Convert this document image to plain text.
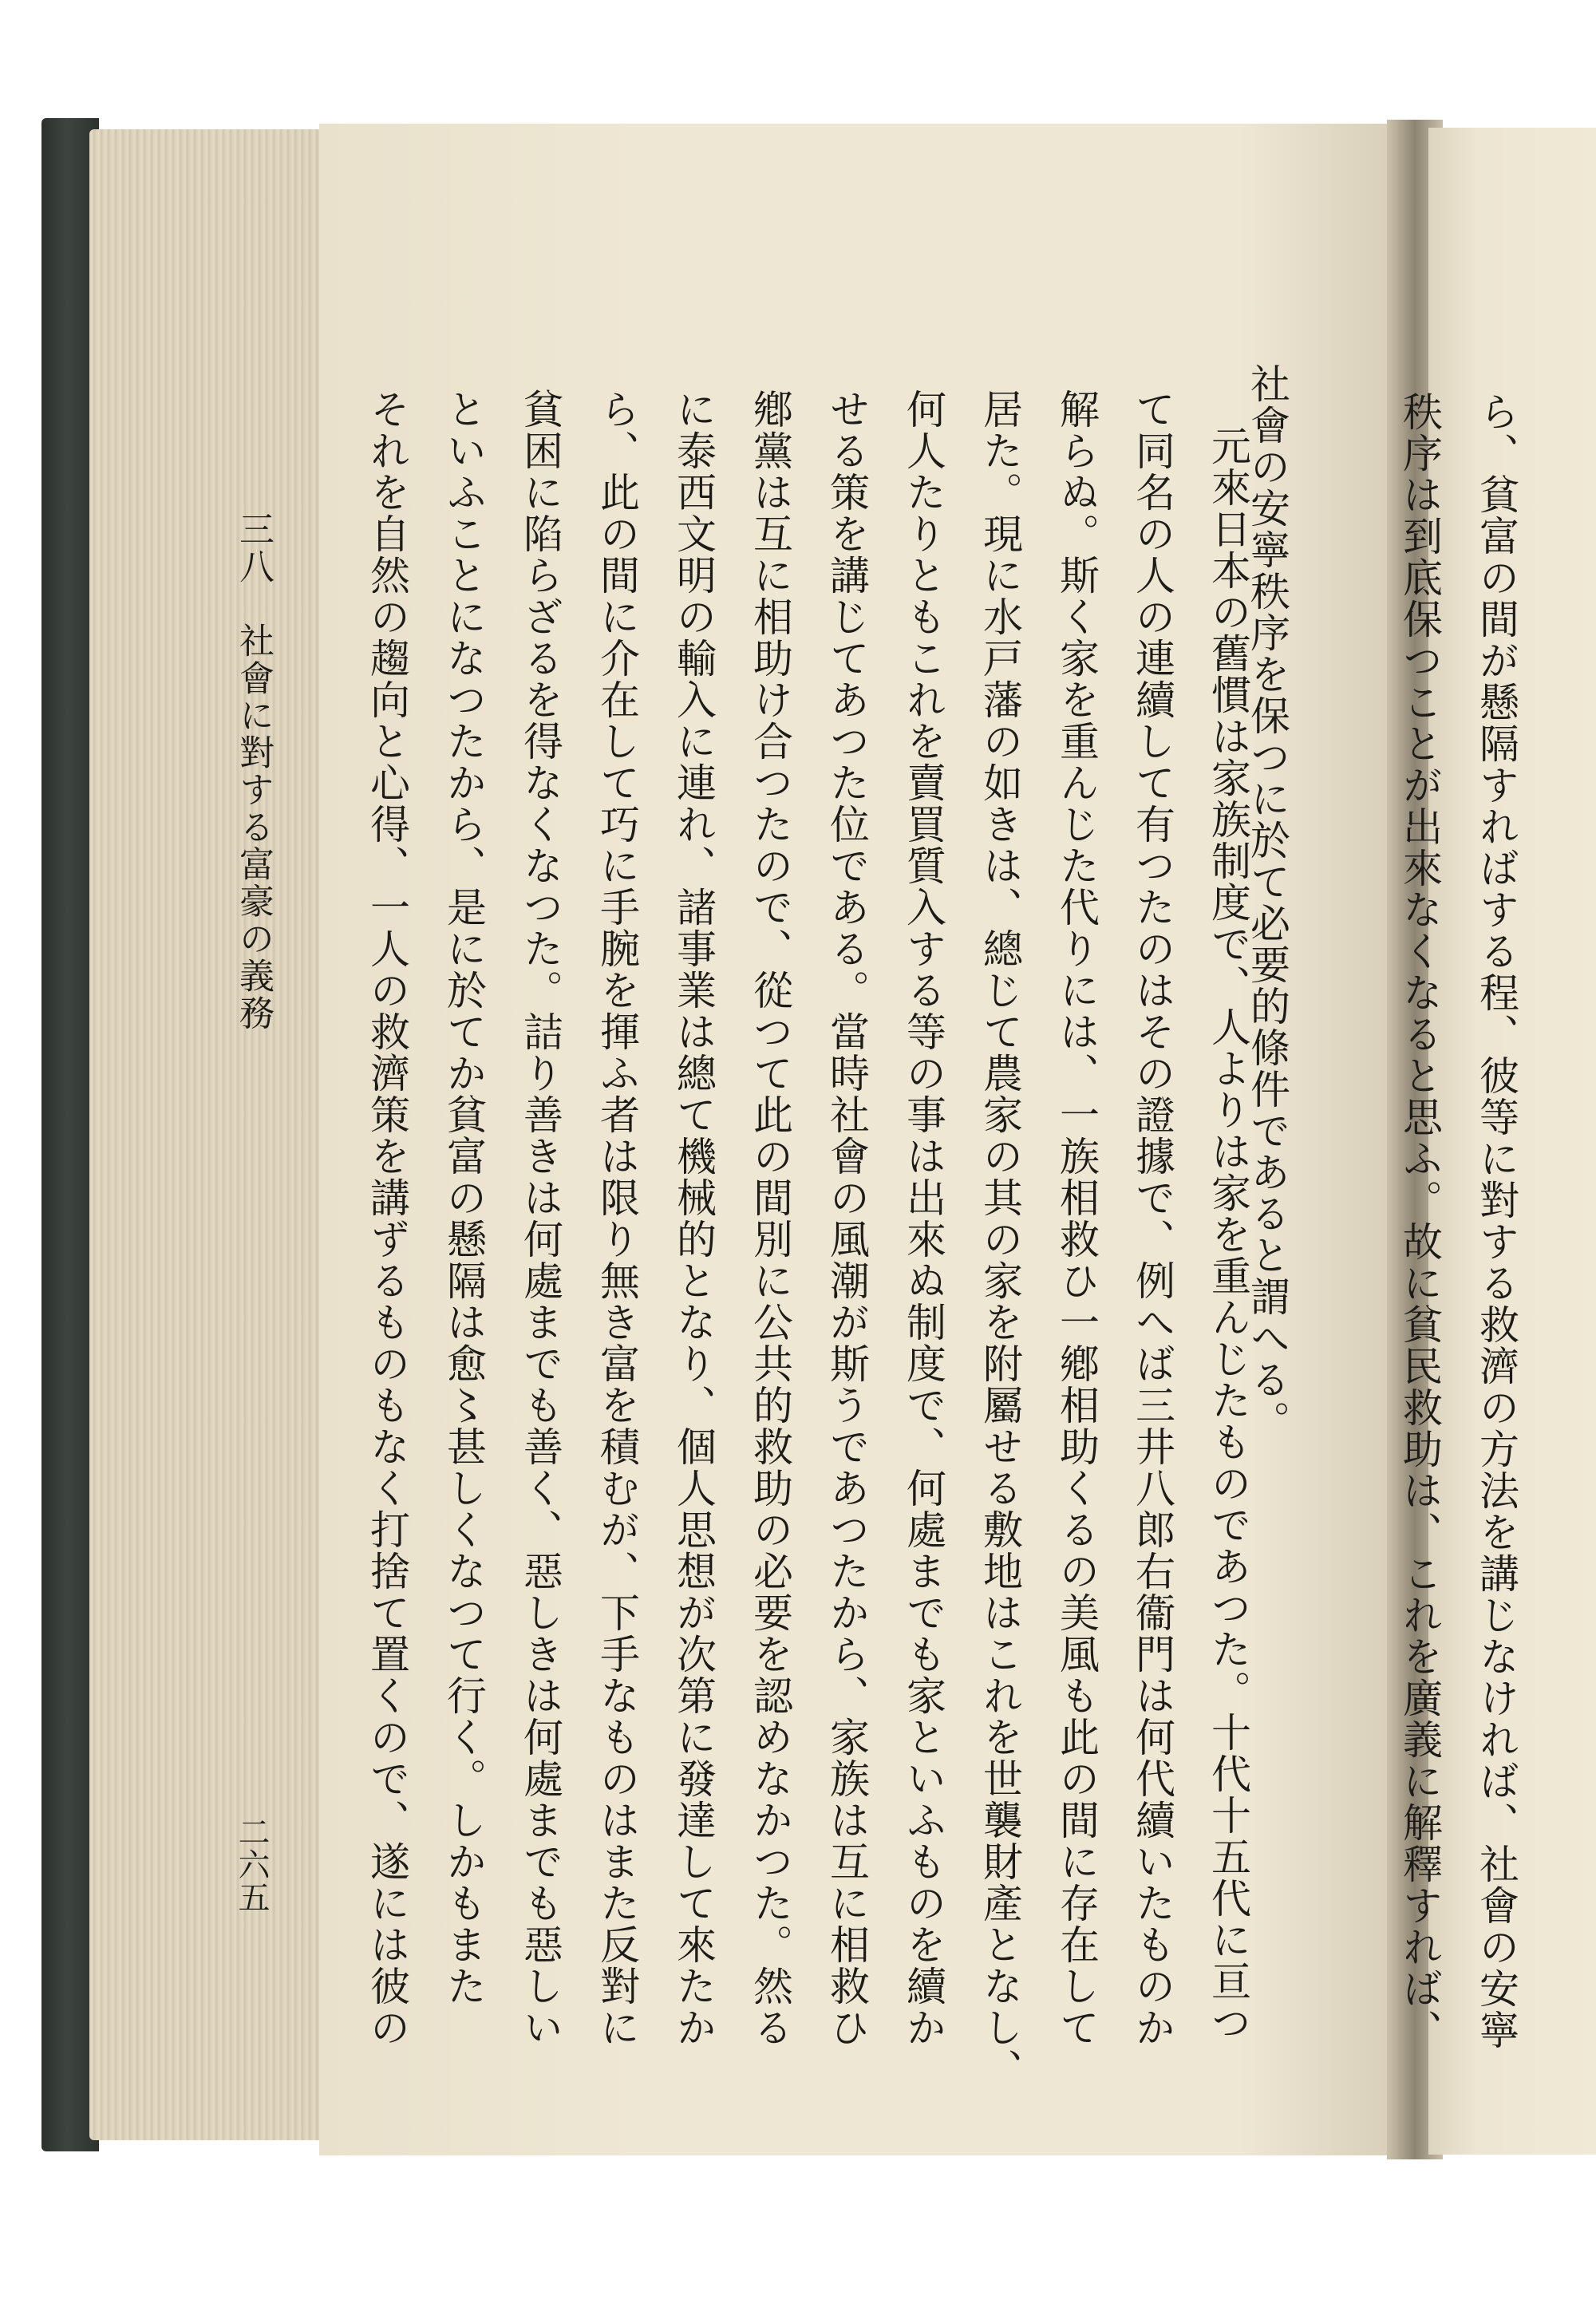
社會の安寧秩序を保つに於て必要的條件であると謂へる。
元來日本の舊慣は家族制度で、人よりは家を重んじたものであつた。十代十五代に亘つ
て同名の人の連續して有つたのはその證據で、例へば三井八郎右衞門は何代續いたものか
解らぬ。斯く家を重んじた代りには、一族相救ひ一鄕相助くるの美風も此の間に存在して
居た。現に水戸藩の如きは、總じて農家の其の家を附屬せる敷地はこれを世襲財產となし、
何人たりともこれを賣買質入する等の事は出來ぬ制度で、何處までも家といふものを續か
せる策を講じてあつた位である。當時社會の風潮が斯うであつたから、家族は互に相救ひ
鄕黨は互に相助け合つたので、從つて此の間別に公共的救助の必要を認めなかつた。然る
に泰西文明の輸入に連れ、諸事業は總て機械的となり、個人思想が次第に發達して來たか
ら、此の間に介在して巧に手腕を揮ふ者は限り無き富を積むが、下手なものはまた反對に
貧困に陷らざるを得なくなつた。詰り善きは何處までも善く、惡しきは何處までも惡しい
といふことになつたから、是に於てか貧富の懸隔は愈〻甚しくなつて行く。しかもまた
それを自然の趨向と心得、一人の救濟策を講ずるものもなく打捨て置くので、遂には彼の
三八　社會に對する富豪の義務
二六五	ら、貧富の間が懸隔すればする程、彼等に對する救濟の方法を講じなければ、社會の安寧
秩序は到底保つことが出來なくなると思ふ。故に貧民救助は、これを廣義に解釋すれば、
